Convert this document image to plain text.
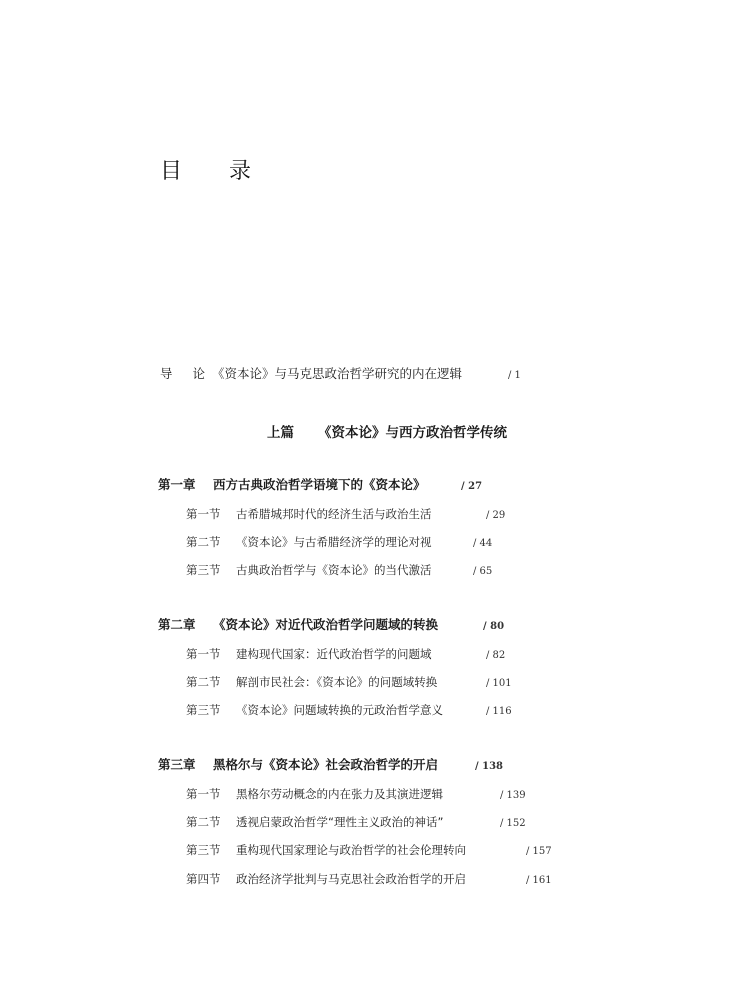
目 录
导 论《资本论》与马克思政治哲学研究的内在逻辑	/ 1
上篇 《资本论》与西方政治哲学传统
第一章 西方古典政治哲学语境下的《资本论》	/ 27
第一节 古希腊城邦时代的经济生活与政治生活	/ 29
第二节 《资本论》与古希腊经济学的理论对视	/ 44
第三节 古典政治哲学与《资本论》的当代激活	/ 65
第二章 《资本论》对近代政治哲学问题域的转换	/ 80
第一节 建构现代国家：近代政治哲学的问题域	/ 82
第二节 解剖市民社会：《资本论》的问题域转换	/ 101
第三节 《资本论》问题域转换的元政治哲学意义	/ 116
第三章 黑格尔与《资本论》社会政治哲学的开启	/ 138
第一节 黑格尔劳动概念的内在张力及其演进逻辑	/ 139
第二节 透视启蒙政治哲学“理性主义政治的神话”	/ 152
第三节 重构现代国家理论与政治哲学的社会伦理转向	/ 157
第四节 政治经济学批判与马克思社会政治哲学的开启	/ 161
